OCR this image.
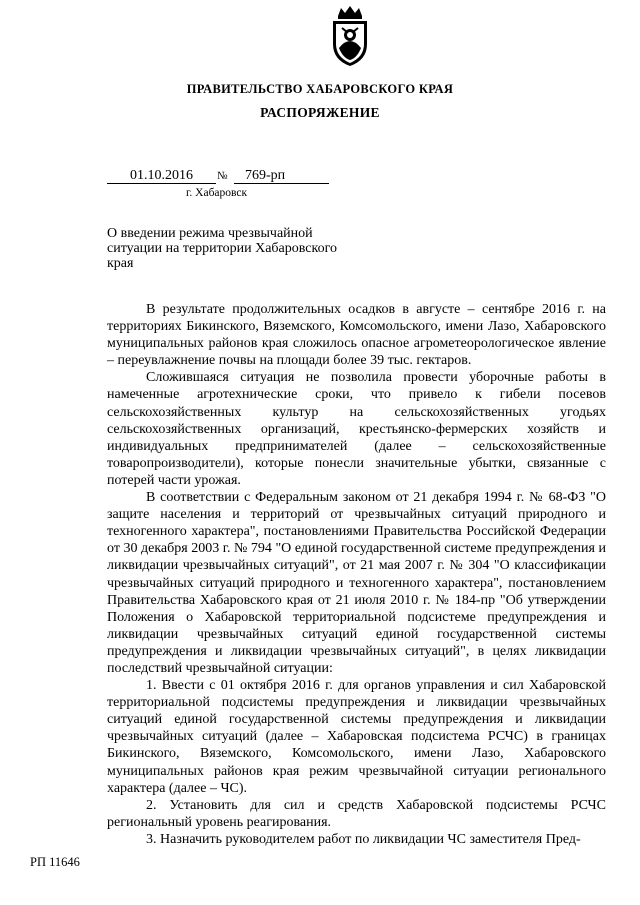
ПРАВИТЕЛЬСТВО ХАБАРОВСКОГО КРАЯ
РАСПОРЯЖЕНИЕ
01.10.2016	№	769-рп
г. Хабаровск
О введении режима чрезвычайной ситуации на территории Хабаровского края

В результате продолжительных осадков в августе – сентябре 2016 г. на территориях Бикинского, Вяземского, Комсомольского, имени Лазо, Хабаровского муниципальных районов края сложилось опасное агрометеорологическое явление – переувлажнение почвы на площади более 39 тыс. гектаров.

Сложившаяся ситуация не позволила провести уборочные работы в намеченные агротехнические сроки, что привело к гибели посевов сельскохозяйственных культур на сельскохозяйственных угодьях сельскохозяйственных организаций, крестьянско-фермерских хозяйств и индивидуальных предпринимателей (далее – сельскохозяйственные товаропроизводители), которые понесли значительные убытки, связанные с потерей части урожая.

В соответствии с Федеральным законом от 21 декабря 1994 г. № 68-ФЗ "О защите населения и территорий от чрезвычайных ситуаций природного и техногенного характера", постановлениями Правительства Российской Федерации от 30 декабря 2003 г. № 794 "О единой государственной системе предупреждения и ликвидации чрезвычайных ситуаций", от 21 мая 2007 г. № 304 "О классификации чрезвычайных ситуаций природного и техногенного характера", постановлением Правительства Хабаровского края от 21 июля 2010 г. № 184-пр "Об утверждении Положения о Хабаровской территориальной подсистеме предупреждения и ликвидации чрезвычайных ситуаций единой государственной системы предупреждения и ликвидации чрезвычайных ситуаций", в целях ликвидации последствий чрезвычайной ситуации:

1. Ввести с 01 октября 2016 г. для органов управления и сил Хабаровской территориальной подсистемы предупреждения и ликвидации чрезвычайных ситуаций единой государственной системы предупреждения и ликвидации чрезвычайных ситуаций (далее – Хабаровская подсистема РСЧС) в границах Бикинского, Вяземского, Комсомольского, имени Лазо, Хабаровского муниципальных районов края режим чрезвычайной ситуации регионального характера (далее – ЧС).

2. Установить для сил и средств Хабаровской подсистемы РСЧС региональный уровень реагирования.

3. Назначить руководителем работ по ликвидации ЧС заместителя Пред-

РП 11646
